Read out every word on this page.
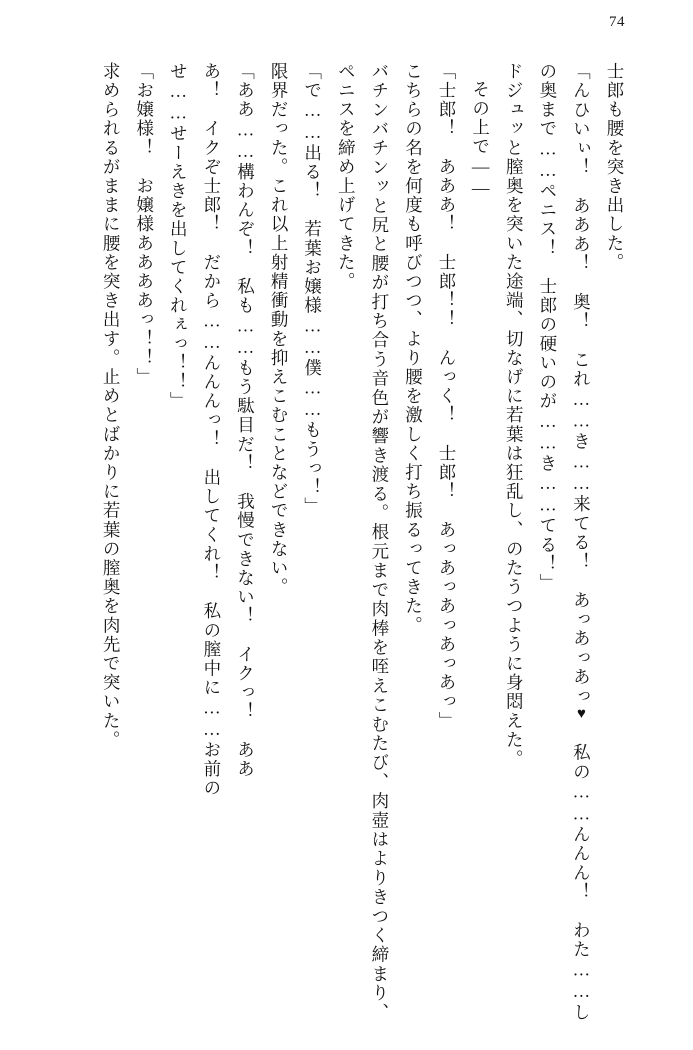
74

士郎も腰を突き出した。

「んひいぃ！　あああ！　奥！　これ……き……来てる！　あっあっあっ♥　私の……んんん！　わた……しの奥まで……ペニス！　士郎の硬いのが……き……てる！」

ドジュッと膣奥を突いた途端、切なげに若葉は狂乱し、のたうつように身悶えた。

その上で――

「士郎！　あああ！　士郎！！　んっく！　士郎！　あっあっあっあっあっ」

こちらの名を何度も呼びつつ、より腰を激しく打ち振るってきた。

バチンバチンッと尻と腰が打ち合う音色が響き渡る。根元まで肉棒を咥えこむたび、肉壺はよりきつく締まり、ペニスを締め上げてきた。

「で……出る！　若葉お嬢様……僕……もうっ！」

限界だった。これ以上射精衝動を抑えこむことなどできない。

「ああ……構わんぞ！　私も……もう駄目だ！　我慢できない！　イクっ！　ああ

あ！　イクぞ士郎！　だから……んんんっ！　出してくれ！　私の膣中に……お前の

せ……せーえきを出してくれぇっ！！」

「お嬢様！　お嬢様ああああっ！！」

求められるがままに腰を突き出す。止めとばかりに若葉の膣奥を肉先で突いた。
